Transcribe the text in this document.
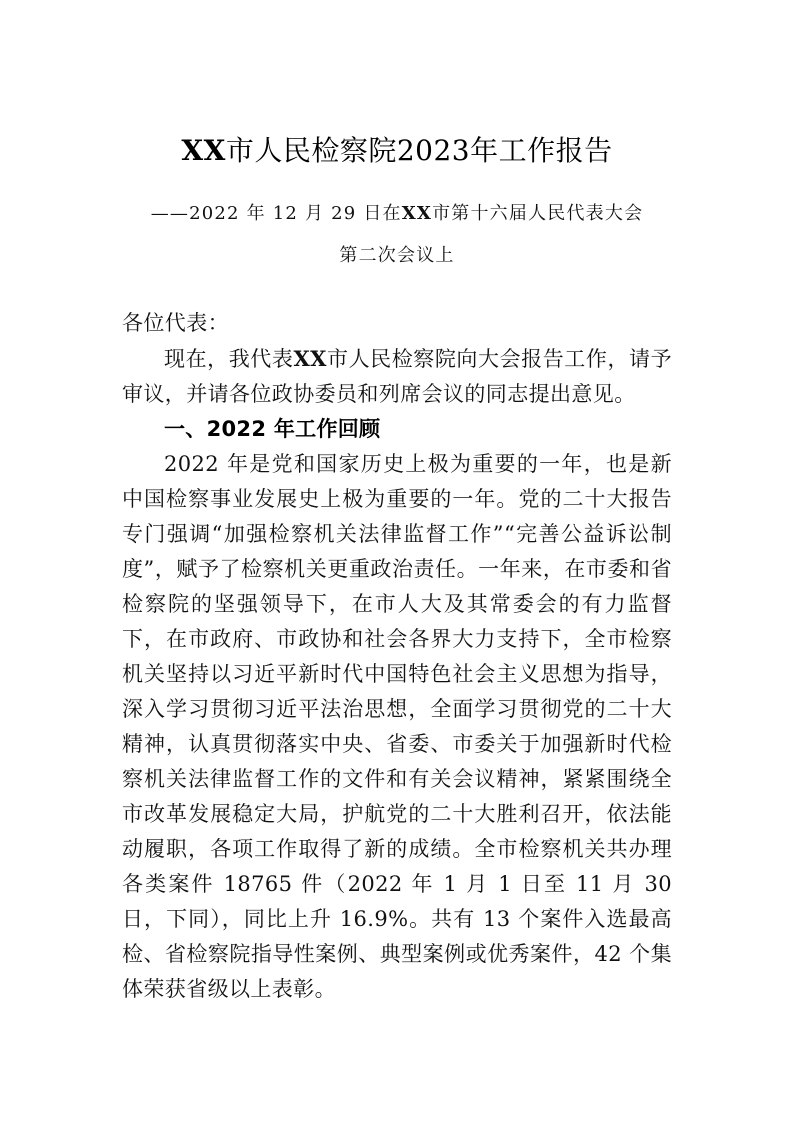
XX市人民检察院2023年工作报告
——2022 年 12 月 29 日在XX市第十六届人民代表大会
第二次会议上
各位代表：

现在，我代表XX市人民检察院向大会报告工作，请予审议，并请各位政协委员和列席会议的同志提出意见。

一、2022 年工作回顾

2022 年是党和国家历史上极为重要的一年，也是新中国检察事业发展史上极为重要的一年。党的二十大报告专门强调“加强检察机关法律监督工作”“完善公益诉讼制度”，赋予了检察机关更重政治责任。一年来，在市委和省检察院的坚强领导下，在市人大及其常委会的有力监督下，在市政府、市政协和社会各界大力支持下，全市检察机关坚持以习近平新时代中国特色社会主义思想为指导，深入学习贯彻习近平法治思想，全面学习贯彻党的二十大精神，认真贯彻落实中央、省委、市委关于加强新时代检察机关法律监督工作的文件和有关会议精神，紧紧围绕全市改革发展稳定大局，护航党的二十大胜利召开，依法能动履职，各项工作取得了新的成绩。全市检察机关共办理各类案件 18765 件（2022 年 1 月 1 日至 11 月 30 日，下同），同比上升 16.9%。共有 13 个案件入选最高检、省检察院指导性案例、典型案例或优秀案件，42 个集体荣获省级以上表彰。
